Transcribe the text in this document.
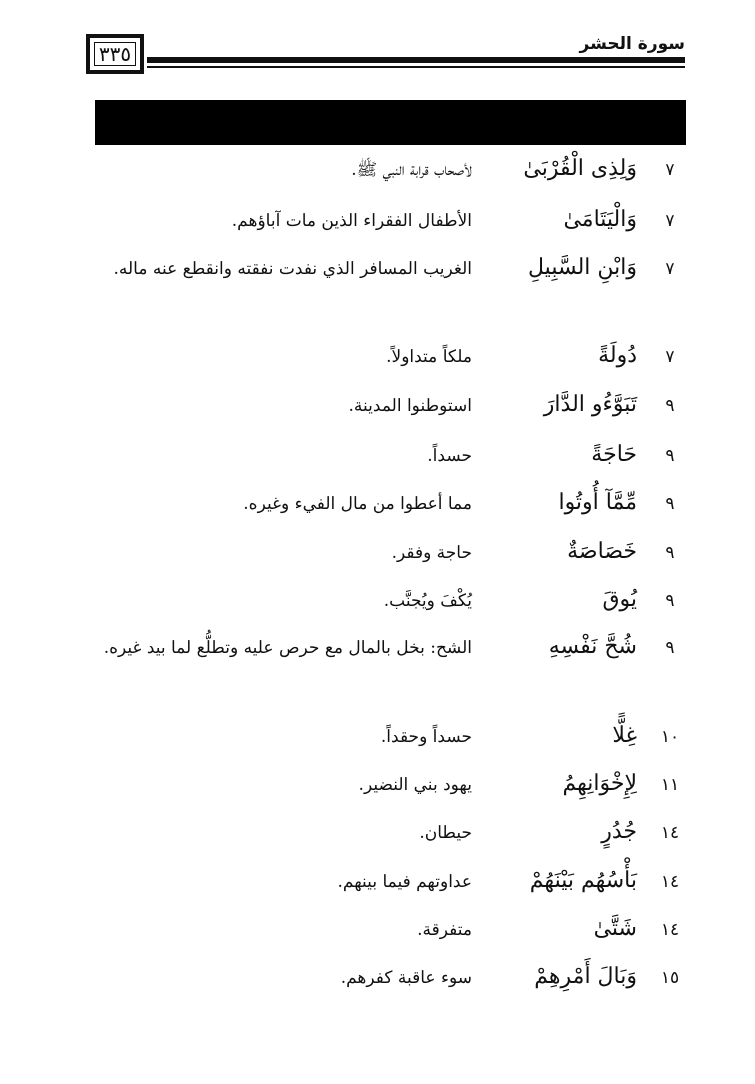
سورة الحشر
٣٣٥
٧
وَلِذِى الْقُرْبَىٰ
لأصحاب قرابة النبي ﷺ.
٧
وَالْيَتَامَىٰ
الأطفال الفقراء الذين مات آباؤهم.
٧
وَابْنِ السَّبِيلِ
الغريب المسافر الذي نفدت نفقته وانقطع عنه ماله.
٧
دُولَةً
ملكاً متداولاً.
٩
تَبَوَّءُو الدَّارَ
استوطنوا المدينة.
٩
حَاجَةً
حسداً.
٩
مِّمَّآ أُوتُوا
مما أعطوا من مال الفيء وغيره.
٩
خَصَاصَةٌ
حاجة وفقر.
٩
يُوقَ
يُكْفَ ويُجنَّب.
٩
شُحَّ نَفْسِهِ
الشح: بخل بالمال مع حرص عليه وتطلُّع لما بيد غيره.
١٠
غِلًّا
حسداً وحقداً.
١١
لِإِخْوَانِهِمُ
يهود بني النضير.
١٤
جُدُرٍ
حيطان.
١٤
بَأْسُهُم بَيْنَهُمْ
عداوتهم فيما بينهم.
١٤
شَتَّىٰ
متفرقة.
١٥
وَبَالَ أَمْرِهِمْ
سوء عاقبة كفرهم.
